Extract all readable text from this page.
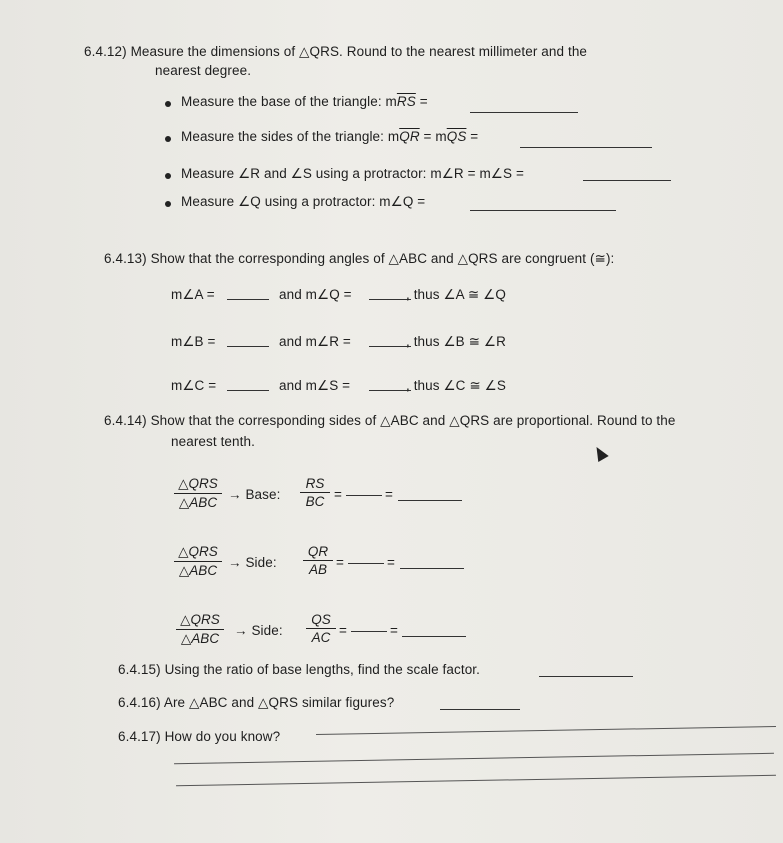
6.4.12) Measure the dimensions of △QRS. Round to the nearest millimeter and the
nearest degree.
Measure the base of the triangle: $m\overline{RS}$ =
Measure the sides of the triangle: $m\overline{QR} = m\overline{QS}$ =
Measure ∠R and ∠S using a protractor: m∠R = m∠S =
Measure ∠Q using a protractor: m∠Q =
6.4.13) Show that the corresponding angles of △ABC and △QRS are congruent (≅):
m∠A =	and m∠Q =	, thus ∠A ≅ ∠Q
m∠B =	and m∠R =	, thus ∠B ≅ ∠R
m∠C =	and m∠S =	, thus ∠C ≅ ∠S
6.4.14) Show that the corresponding sides of △ABC and △QRS are proportional. Round to the
nearest tenth.
△QRS
△ABC
→ Base: $\frac{RS}{BC}$ =	=
△QRS
△ABC
→ Side: $\frac{QR}{AB}$ =	=
△QRS
△ABC
→ Side: $\frac{QS}{AC}$ =	=
6.4.15) Using the ratio of base lengths, find the scale factor.
6.4.16) Are △ABC and △QRS similar figures?
6.4.17) How do you know?
